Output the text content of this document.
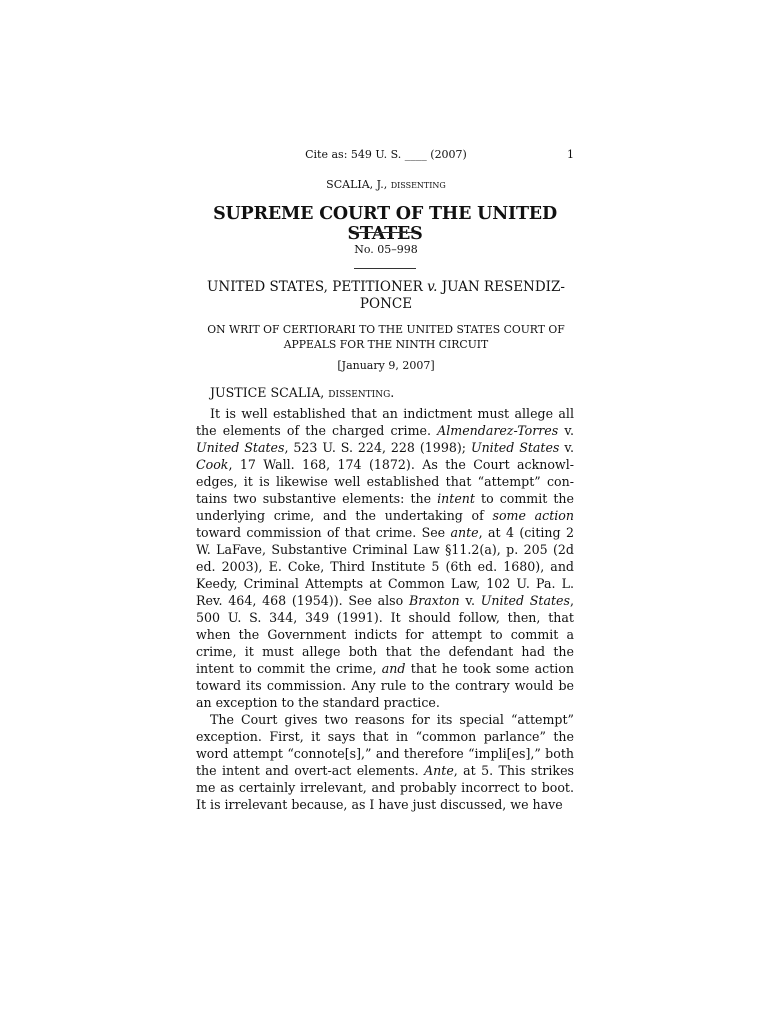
Cite as: 549 U. S. ____ (2007)	1
SCALIA, J., dissenting
SUPREME COURT OF THE UNITED STATES
No. 05–998
UNITED STATES, PETITIONER v. JUAN RESENDIZ-
PONCE
ON WRIT OF CERTIORARI TO THE UNITED STATES COURT OF
APPEALS FOR THE NINTH CIRCUIT
[January 9, 2007]
JUSTICE SCALIA, dissenting.

It is well established that an indictment must allege all the elements of the charged crime. Almendarez-Torres v. United States, 523 U. S. 224, 228 (1998); United States v. Cook, 17 Wall. 168, 174 (1872). As the Court acknowl-edges, it is likewise well established that “attempt” con-tains two substantive elements: the intent to commit the underlying crime, and the undertaking of some action toward commission of that crime. See ante, at 4 (citing 2 W. LaFave, Substantive Criminal Law §11.2(a), p. 205 (2d ed. 2003), E. Coke, Third Institute 5 (6th ed. 1680), and Keedy, Criminal Attempts at Common Law, 102 U. Pa. L. Rev. 464, 468 (1954)). See also Braxton v. United States, 500 U. S. 344, 349 (1991). It should follow, then, that when the Government indicts for attempt to commit a crime, it must allege both that the defendant had the intent to commit the crime, and that he took some action toward its commission. Any rule to the contrary would be an exception to the standard practice.

The Court gives two reasons for its special “attempt” exception. First, it says that in “common parlance” the word attempt “connote[s],” and therefore “impli[es],” both the intent and overt-act elements. Ante, at 5. This strikes me as certainly irrelevant, and probably incorrect to boot. It is irrelevant because, as I have just discussed, we have
